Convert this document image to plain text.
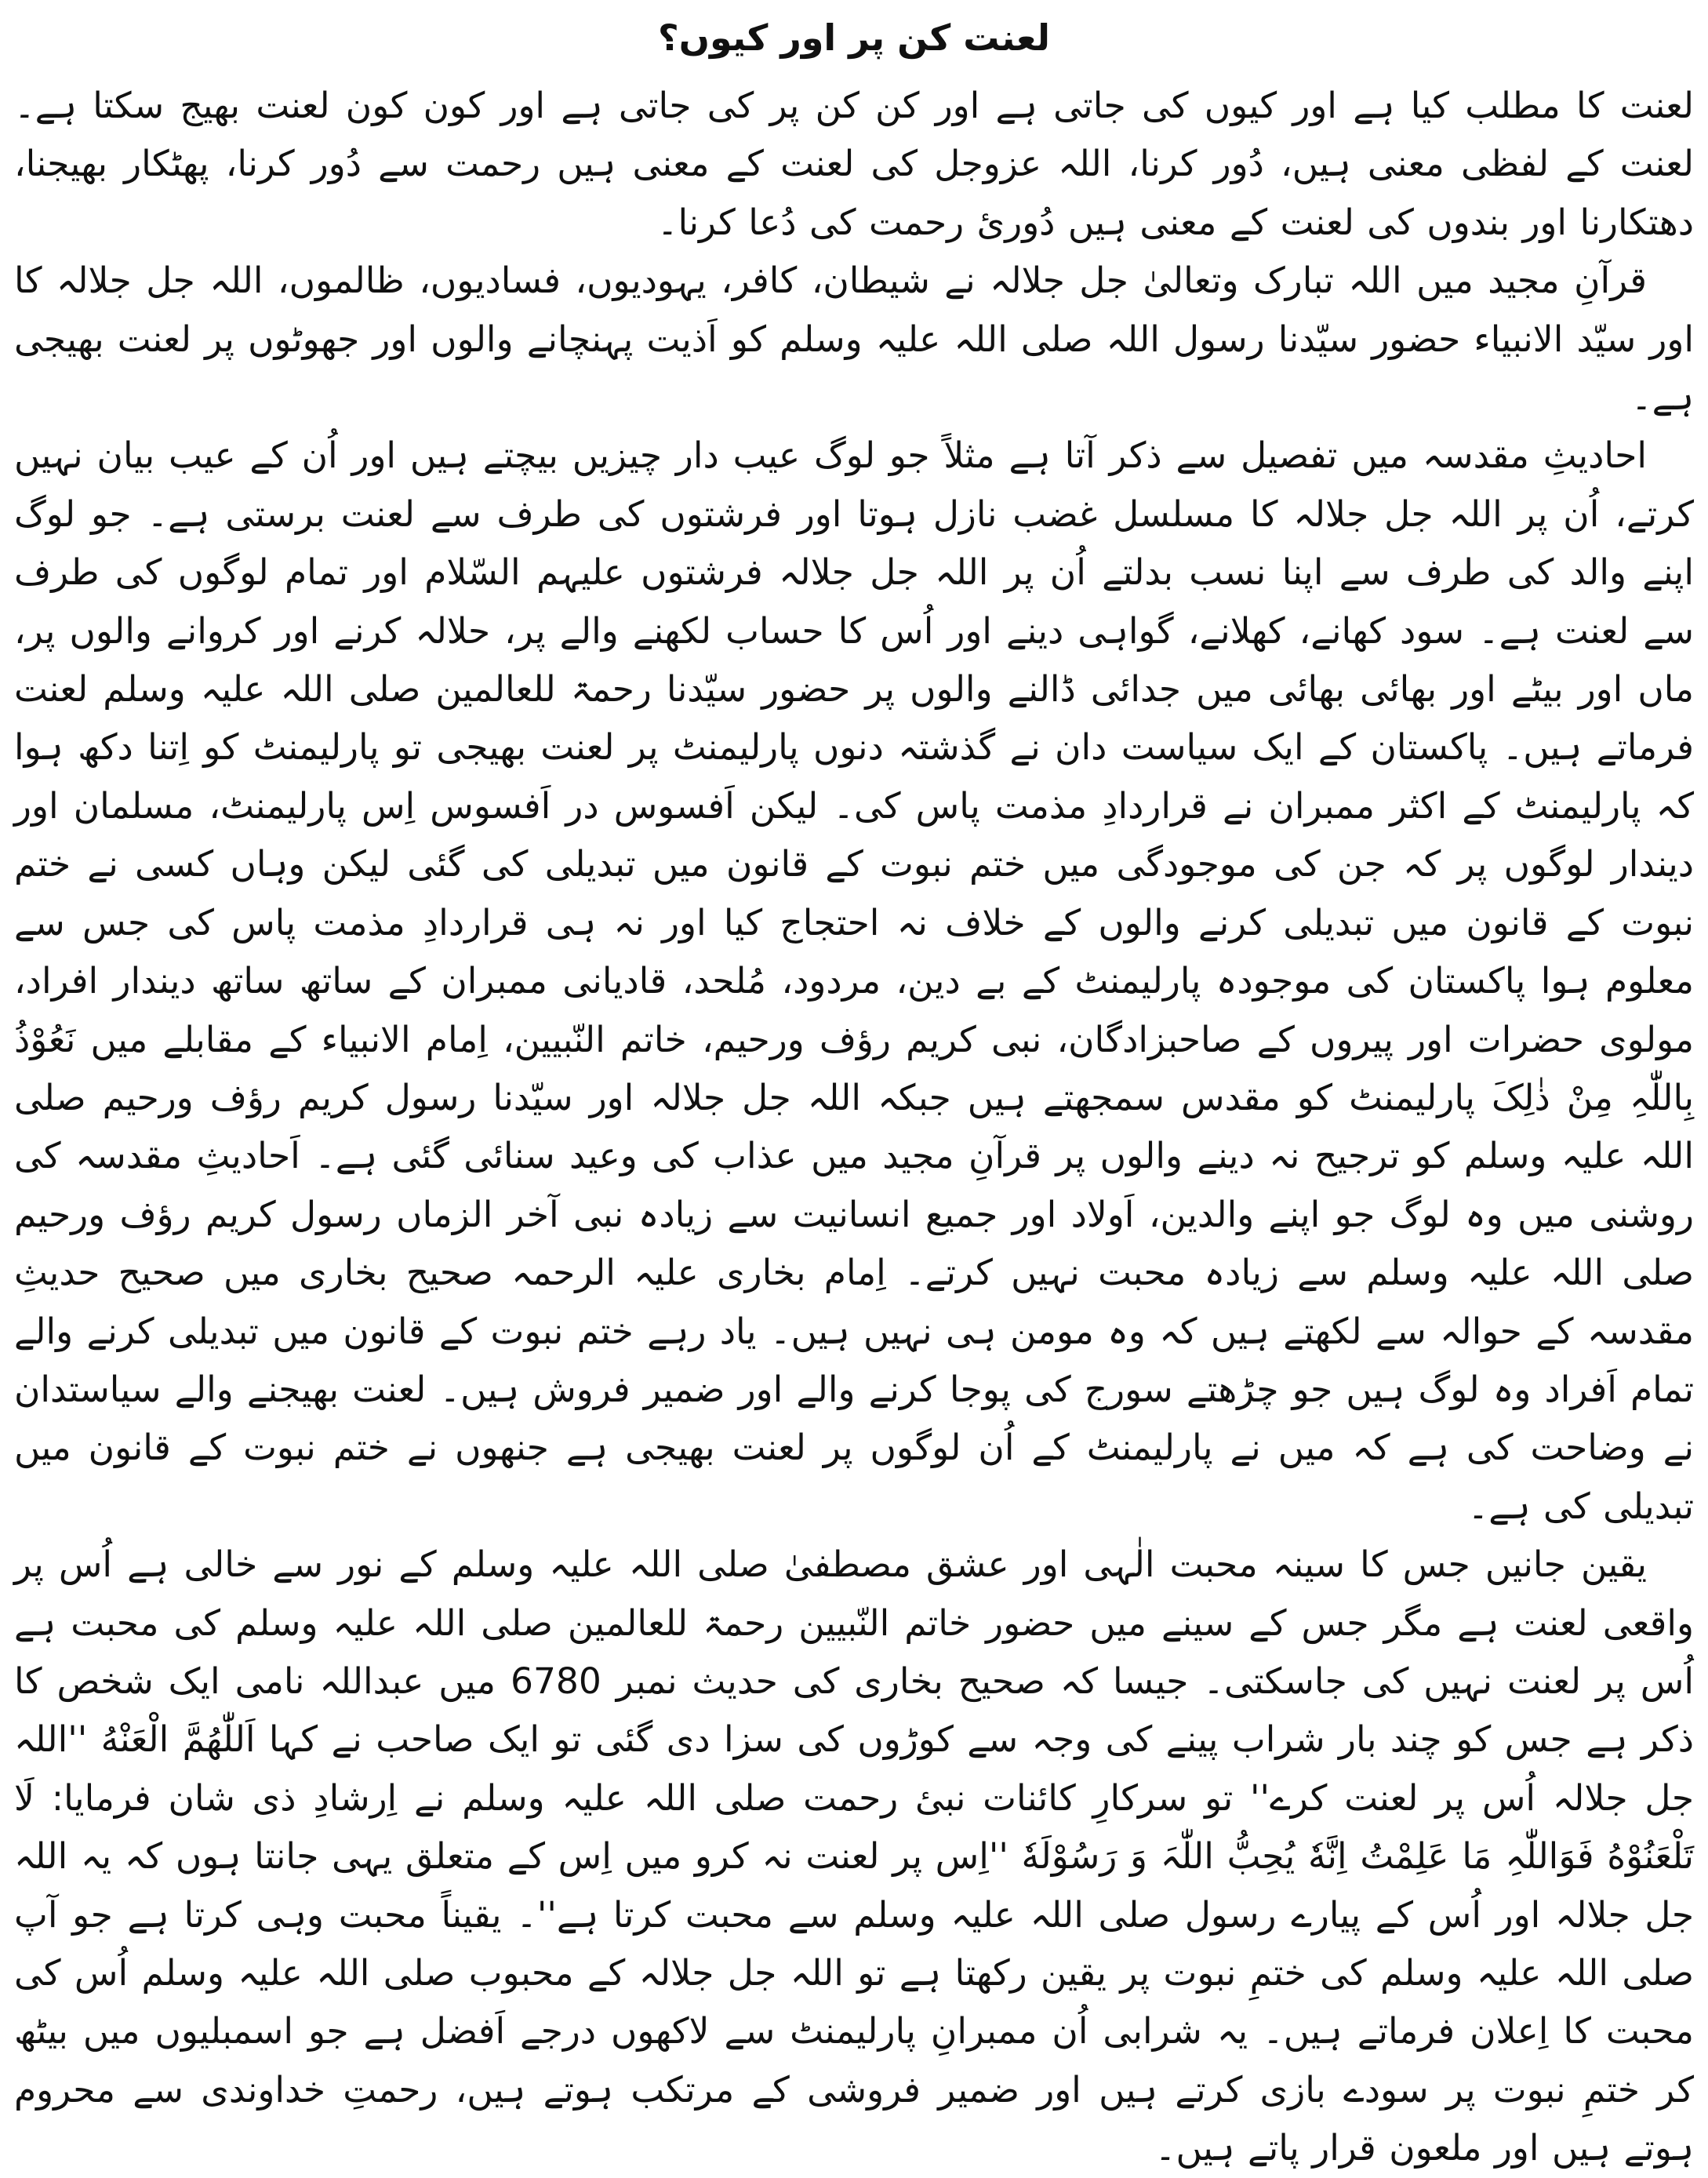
لعنت کن پر اور کیوں؟

لعنت کا مطلب کیا ہے اور کیوں کی جاتی ہے اور کن کن پر کی جاتی ہے اور کون کون لعنت بھیج سکتا ہے۔ لعنت کے لفظی معنی ہیں، دُور کرنا، اللہ عزوجل کی لعنت کے معنی ہیں رحمت سے دُور کرنا، پھٹکار بھیجنا، دھتکارنا اور بندوں کی لعنت کے معنی ہیں دُوریٔ رحمت کی دُعا کرنا۔

قرآنِ مجید میں اللہ تبارک وتعالیٰ جل جلالہ نے شیطان، کافر، یہودیوں، فسادیوں، ظالموں، اللہ جل جلالہ کا اور سیّد الانبیاء حضور سیّدنا رسول اللہ صلی اللہ علیہ وسلم کو اَذیت پہنچانے والوں اور جھوٹوں پر لعنت بھیجی ہے۔

احادیثِ مقدسہ میں تفصیل سے ذکر آتا ہے مثلاً جو لوگ عیب دار چیزیں بیچتے ہیں اور اُن کے عیب بیان نہیں کرتے، اُن پر اللہ جل جلالہ کا مسلسل غضب نازل ہوتا اور فرشتوں کی طرف سے لعنت برستی ہے۔ جو لوگ اپنے والد کی طرف سے اپنا نسب بدلتے اُن پر اللہ جل جلالہ فرشتوں علیہم السّلام اور تمام لوگوں کی طرف سے لعنت ہے۔ سود کھانے، کھلانے، گواہی دینے اور اُس کا حساب لکھنے والے پر، حلالہ کرنے اور کروانے والوں پر، ماں اور بیٹے اور بھائی بھائی میں جدائی ڈالنے والوں پر حضور سیّدنا رحمۃ للعالمین صلی اللہ علیہ وسلم لعنت فرماتے ہیں۔ پاکستان کے ایک سیاست دان نے گذشتہ دنوں پارلیمنٹ پر لعنت بھیجی تو پارلیمنٹ کو اِتنا دکھ ہوا کہ پارلیمنٹ کے اکثر ممبران نے قراردادِ مذمت پاس کی۔ لیکن اَفسوس در اَفسوس اِس پارلیمنٹ، مسلمان اور دیندار لوگوں پر کہ جن کی موجودگی میں ختم نبوت کے قانون میں تبدیلی کی گئی لیکن وہاں کسی نے ختم نبوت کے قانون میں تبدیلی کرنے والوں کے خلاف نہ احتجاج کیا اور نہ ہی قراردادِ مذمت پاس کی جس سے معلوم ہوا پاکستان کی موجودہ پارلیمنٹ کے بے دین، مردود، مُلحد، قادیانی ممبران کے ساتھ ساتھ دیندار افراد، مولوی حضرات اور پیروں کے صاحبزادگان، نبی کریم رؤف ورحیم، خاتم النّبیین، اِمام الانبیاء کے مقابلے میں نَعُوْذُ بِاللّٰہِ مِنْ ذٰلِکَ پارلیمنٹ کو مقدس سمجھتے ہیں جبکہ اللہ جل جلالہ اور سیّدنا رسول کریم رؤف ورحیم صلی اللہ علیہ وسلم کو ترجیح نہ دینے والوں پر قرآنِ مجید میں عذاب کی وعید سنائی گئی ہے۔ اَحادیثِ مقدسہ کی روشنی میں وہ لوگ جو اپنے والدین، اَولاد اور جمیع انسانیت سے زیادہ نبی آخر الزماں رسول کریم رؤف ورحیم صلی اللہ علیہ وسلم سے زیادہ محبت نہیں کرتے۔ اِمام بخاری علیہ الرحمہ صحیح بخاری میں صحیح حدیثِ مقدسہ کے حوالہ سے لکھتے ہیں کہ وہ مومن ہی نہیں ہیں۔ یاد رہے ختم نبوت کے قانون میں تبدیلی کرنے والے تمام اَفراد وہ لوگ ہیں جو چڑھتے سورج کی پوجا کرنے والے اور ضمیر فروش ہیں۔ لعنت بھیجنے والے سیاستدان نے وضاحت کی ہے کہ میں نے پارلیمنٹ کے اُن لوگوں پر لعنت بھیجی ہے جنھوں نے ختم نبوت کے قانون میں تبدیلی کی ہے۔

یقین جانیں جس کا سینہ محبت الٰہی اور عشق مصطفیٰ صلی اللہ علیہ وسلم کے نور سے خالی ہے اُس پر واقعی لعنت ہے مگر جس کے سینے میں حضور خاتم النّبیین رحمۃ للعالمین صلی اللہ علیہ وسلم کی محبت ہے اُس پر لعنت نہیں کی جاسکتی۔ جیسا کہ صحیح بخاری کی حدیث نمبر 6780 میں عبداللہ نامی ایک شخص کا ذکر ہے جس کو چند بار شراب پینے کی وجہ سے کوڑوں کی سزا دی گئی تو ایک صاحب نے کہا اَللّٰھُمَّ الْعَنْهُ ''اللہ جل جلالہ اُس پر لعنت کرے'' تو سرکارِ کائنات نبیٔ رحمت صلی اللہ علیہ وسلم نے اِرشادِ ذی شان فرمایا: لَا تَلْعَنُوْهُ فَوَاللّٰہِ مَا عَلِمْتُ اِنَّهٗ یُحِبُّ اللّٰہَ وَ رَسُوْلَهٗ ''اِس پر لعنت نہ کرو میں اِس کے متعلق یہی جانتا ہوں کہ یہ اللہ جل جلالہ اور اُس کے پیارے رسول صلی اللہ علیہ وسلم سے محبت کرتا ہے''۔ یقیناً محبت وہی کرتا ہے جو آپ صلی اللہ علیہ وسلم کی ختمِ نبوت پر یقین رکھتا ہے تو اللہ جل جلالہ کے محبوب صلی اللہ علیہ وسلم اُس کی محبت کا اِعلان فرماتے ہیں۔ یہ شرابی اُن ممبرانِ پارلیمنٹ سے لاکھوں درجے اَفضل ہے جو اسمبلیوں میں بیٹھ کر ختمِ نبوت پر سودے بازی کرتے ہیں اور ضمیر فروشی کے مرتکب ہوتے ہیں، رحمتِ خداوندی سے محروم ہوتے ہیں اور ملعون قرار پاتے ہیں۔
